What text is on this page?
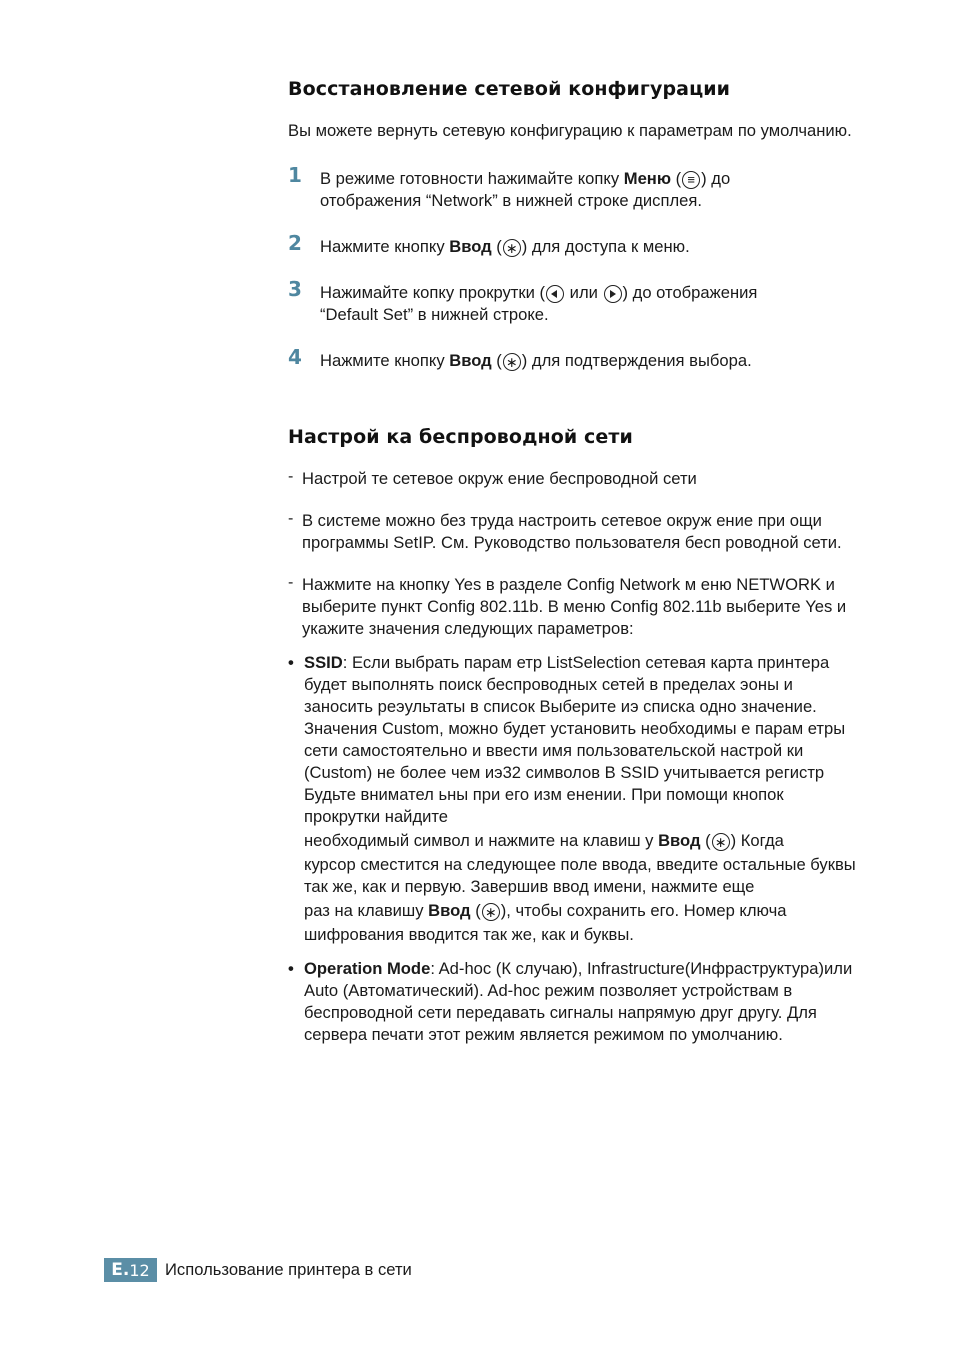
Восстановление сетевой конфигурации

Вы можете вернуть сетевую конфигурацию к параметрам по умолчанию.

1	В режиме готовности hажимайте копку Меню ( ≡ ) до
отображения “Network” в нижней строке дисплея.
2	Нажмите кнопку Ввод ( ∗ ) для доступа к меню.
3	Нажимайте копку прокрутки ( или ) до отображения
“Default Set” в нижней строке.
4	Нажмите кнопку Ввод ( ∗ ) для подтверждения выбора.
Настрой ка беспроводной сети
- Настрой те сетевое окруж ение беспроводной сети
- В системе можно без труда настроить сетевое окруж ение при ощи программы SetIP. См. Руководство пользователя бесп роводной сети.
- Нажмите на кнопку Yes в разделе Config Network м еню NETWORK и выберите пункт Config 802.11b. В меню Config 802.11b выберите Yes и укажите значения следующих параметров:
• SSID: Если выбрать парам етр ListSelection сетевая карта принтера будет выполнять поиск беспроводных сетей в пределах эоны и заносить реэультаты в список Выберите иэ списка одно значение. Значения Custom, можно будет установить необходимы е парам етры сети самостоятельно и ввести имя пользовательской настрой ки (Custom) не более чем иэ32 символов В SSID учитывается регистр Будьте внимател ьны при его изм енении. При помощи кнопок прокрутки найдите
необходимый символ и нажмите на клавиш у Ввод ( ∗ ) Когда
курсор сместится на следующее поле ввода, введите остальные буквы так же, как и первую. Завершив ввод имени, нажмите еще
раз на клавишу Ввод ( ∗ ), чтобы сохранить его. Номер ключа
шифрования вводится так же, как и буквы.
• Operation Mode: Ad-hoc (К случаю), Infrastructure(Инфраструктура)или Auto (Автоматический). Ad-hoc режим позволяет устройствам в беспроводной сети передавать сигналы напрямую друг другу. Для сервера печати этот режим является режимом по умолчанию.
E. 12 Использование принтера в сети
